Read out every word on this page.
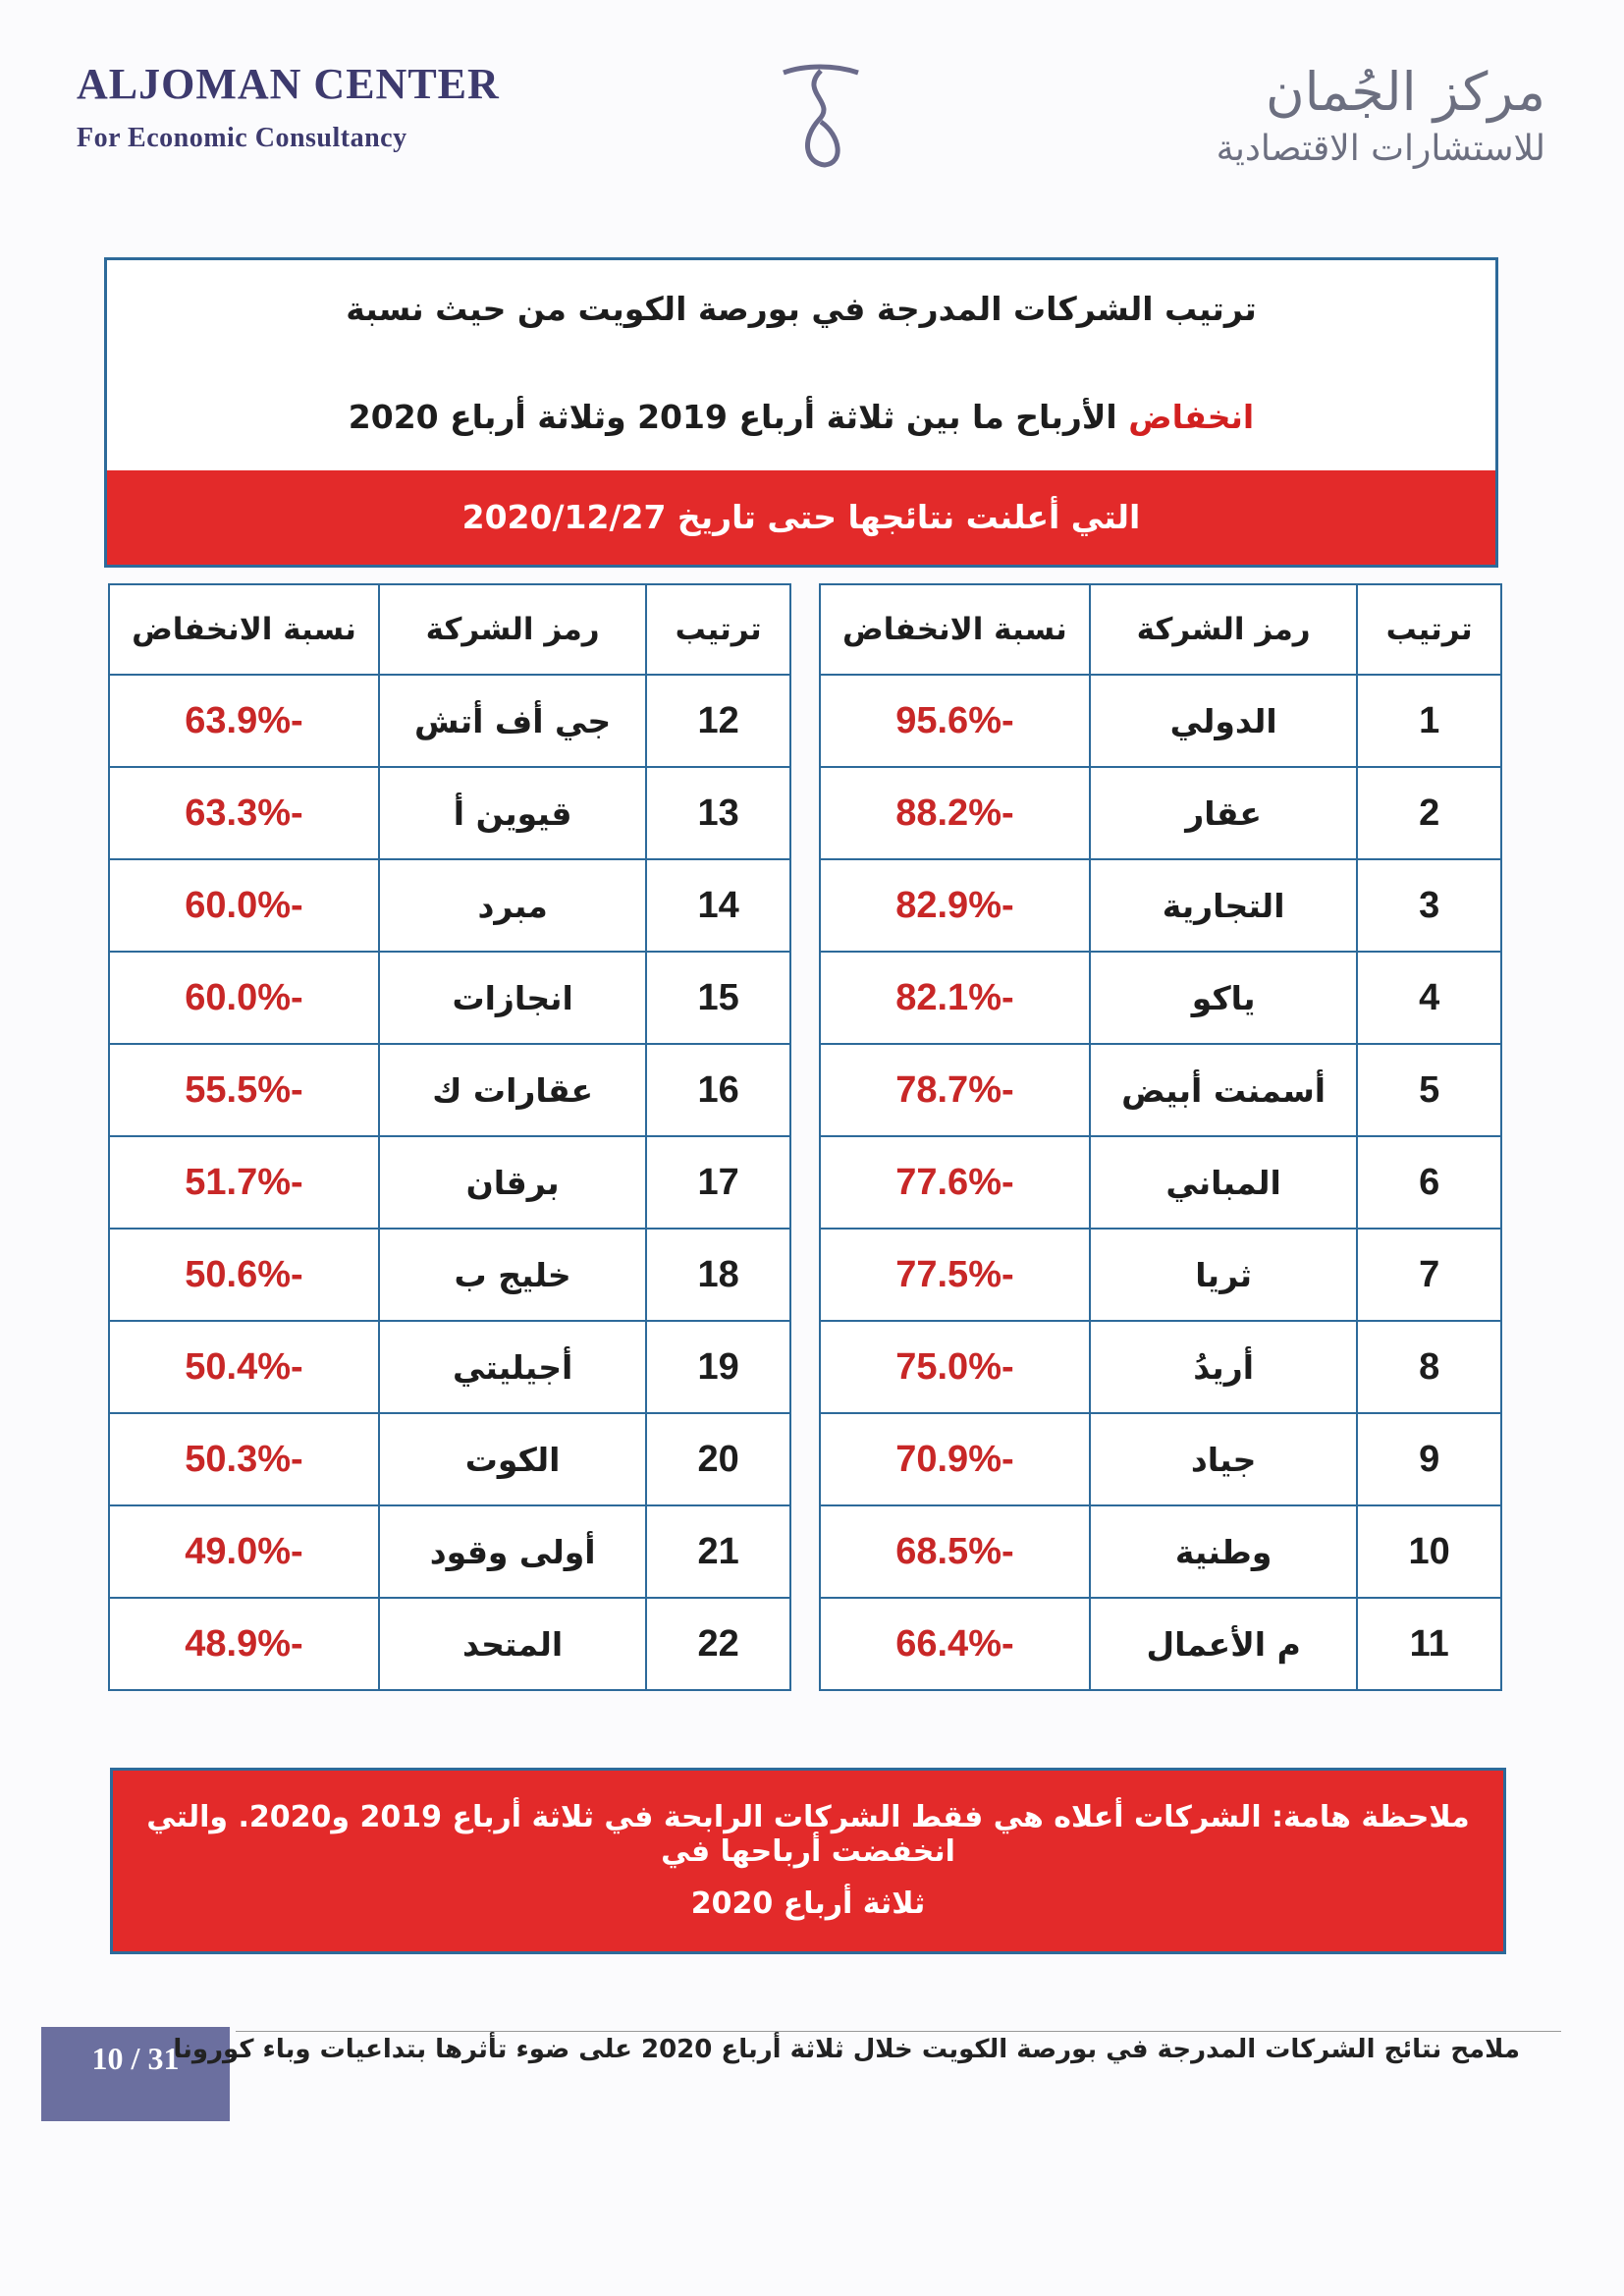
ALJOMAN CENTER
For Economic Consultancy
مركز الجُمان
للاستشارات الاقتصادية
ترتيب الشركات المدرجة في بورصة الكويت من حيث نسبة
انخفاض الأرباح ما بين ثلاثة أرباع 2019 وثلاثة أرباع 2020
التي أعلنت نتائجها حتى تاريخ 2020/12/27
ترتيب	رمز الشركة	نسبة الانخفاض
1	الدولي	-95.6%
2	عقار	-88.2%
3	التجارية	-82.9%
4	ياكو	-82.1%
5	أسمنت أبيض	-78.7%
6	المباني	-77.6%
7	ثريا	-77.5%
8	أريدُ	-75.0%
9	جياد	-70.9%
10	وطنية	-68.5%
11	م الأعمال	-66.4%
ترتيب	رمز الشركة	نسبة الانخفاض
12	جي أف أتش	-63.9%
13	قيوين أ	-63.3%
14	مبرد	-60.0%
15	انجازات	-60.0%
16	عقارات ك	-55.5%
17	برقان	-51.7%
18	خليج ب	-50.6%
19	أجيليتي	-50.4%
20	الكوت	-50.3%
21	أولى وقود	-49.0%
22	المتحد	-48.9%
ملاحظة هامة: الشركات أعلاه هي فقط الشركات الرابحة في ثلاثة أرباع 2019 و2020. والتي انخفضت أرباحها في
ثلاثة أرباع 2020
10 / 31
ملامح نتائج الشركات المدرجة في بورصة الكويت خلال ثلاثة أرباع 2020 على ضوء تأثرها بتداعيات وباء كورونا
